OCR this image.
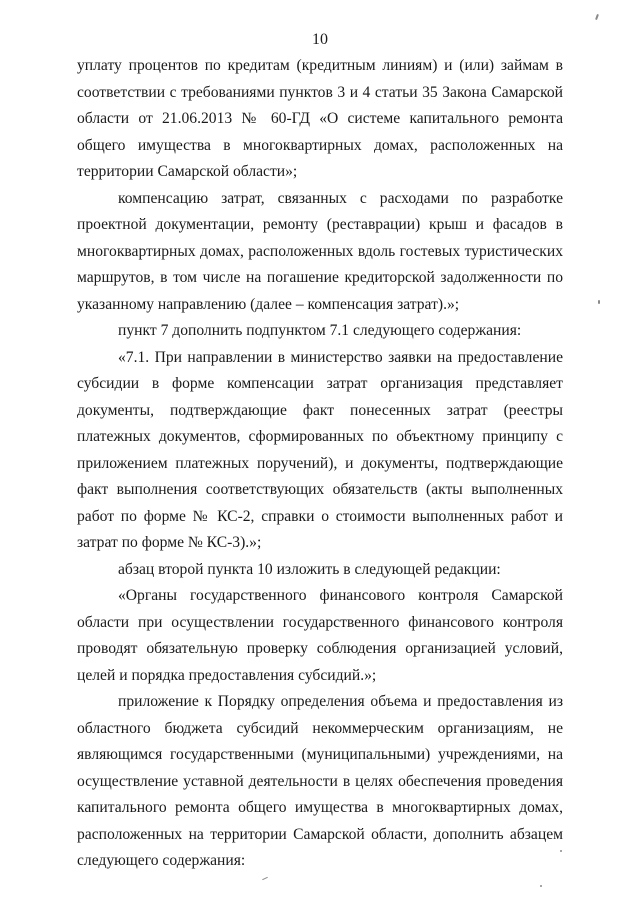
10

уплату процентов по кредитам (кредитным линиям) и (или) займам в соответствии с требованиями пунктов 3 и 4 статьи 35 Закона Самарской области от 21.06.2013 № 60-ГД «О системе капитального ремонта общего имущества в многоквартирных домах, расположенных на территории Самарской области»;

компенсацию затрат, связанных с расходами по разработке проектной документации, ремонту (реставрации) крыш и фасадов в многоквартирных домах, расположенных вдоль гостевых туристических маршрутов, в том числе на погашение кредиторской задолженности по указанному направлению (далее – компенсация затрат).»;

пункт 7 дополнить подпунктом 7.1 следующего содержания:

«7.1. При направлении в министерство заявки на предоставление субсидии в форме компенсации затрат организация представляет документы, подтверждающие факт понесенных затрат (реестры платежных документов, сформированных по объектному принципу с приложением платежных поручений), и документы, подтверждающие факт выполнения соответствующих обязательств (акты выполненных работ по форме № КС-2, справки о стоимости выполненных работ и затрат по форме № КС-3).»;

абзац второй пункта 10 изложить в следующей редакции:

«Органы государственного финансового контроля Самарской области при осуществлении государственного финансового контроля проводят обязательную проверку соблюдения организацией условий, целей и порядка предоставления субсидий.»;

приложение к Порядку определения объема и предоставления из областного бюджета субсидий некоммерческим организациям, не являющимся государственными (муниципальными) учреждениями, на осуществление уставной деятельности в целях обеспечения проведения капитального ремонта общего имущества в многоквартирных домах, расположенных на территории Самарской области, дополнить абзацем следующего содержания:
